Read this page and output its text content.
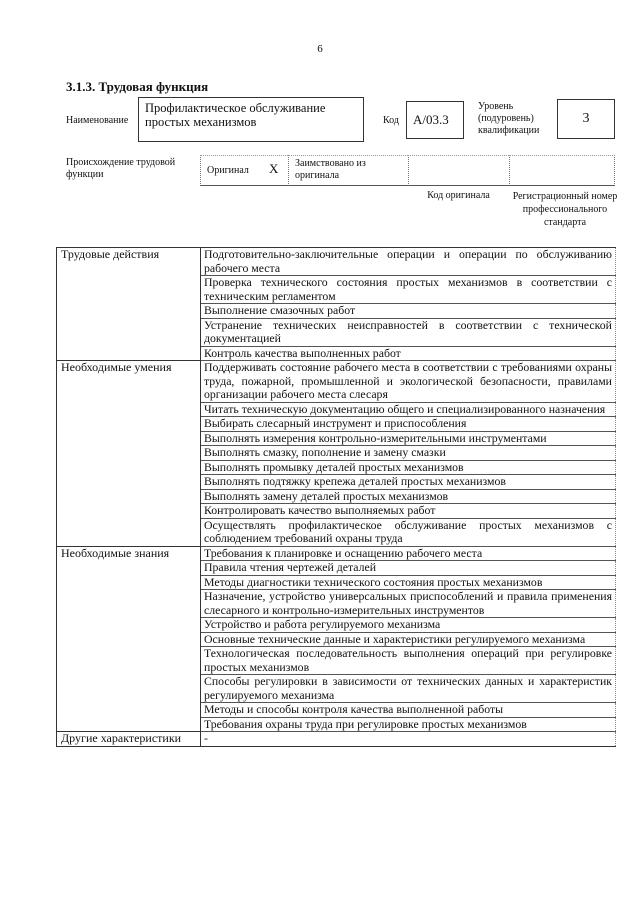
6
3.1.3. Трудовая функция
Наименование
Профилактическое обслуживание простых механизмов	Код	А/03.3
Уровень (подуровень) квалификации
3
Происхождение трудовой функции	Оригинал X Заимствовано из оригинала
Код оригинала	Регистрационный номер профессионального стандарта
Трудовые действия	Подготовительно-заключительные операции и операции по обслуживанию рабочего места
	Проверка технического состояния простых механизмов в соответствии с техническим регламентом
	Выполнение смазочных работ
	Устранение технических неисправностей в соответствии с технической документацией
	Контроль качества выполненных работ
Необходимые умения	Поддерживать состояние рабочего места в соответствии с требованиями охраны труда, пожарной, промышленной и экологической безопасности, правилами организации рабочего места слесаря
	Читать техническую документацию общего и специализированного назначения
	Выбирать слесарный инструмент и приспособления
	Выполнять измерения контрольно-измерительными инструментами
	Выполнять смазку, пополнение и замену смазки
	Выполнять промывку деталей простых механизмов
	Выполнять подтяжку крепежа деталей простых механизмов
	Выполнять замену деталей простых механизмов
	Контролировать качество выполняемых работ
	Осуществлять профилактическое обслуживание простых механизмов с соблюдением требований охраны труда
Необходимые знания	Требования к планировке и оснащению рабочего места
	Правила чтения чертежей деталей
	Методы диагностики технического состояния простых механизмов
	Назначение, устройство универсальных приспособлений и правила применения слесарного и контрольно-измерительных инструментов
	Устройство и работа регулируемого механизма
	Основные технические данные и характеристики регулируемого механизма
	Технологическая последовательность выполнения операций при регулировке простых механизмов
	Способы регулировки в зависимости от технических данных и характеристик регулируемого механизма
	Методы и способы контроля качества выполненной работы
	Требования охраны труда при регулировке простых механизмов
Другие характеристики	-
